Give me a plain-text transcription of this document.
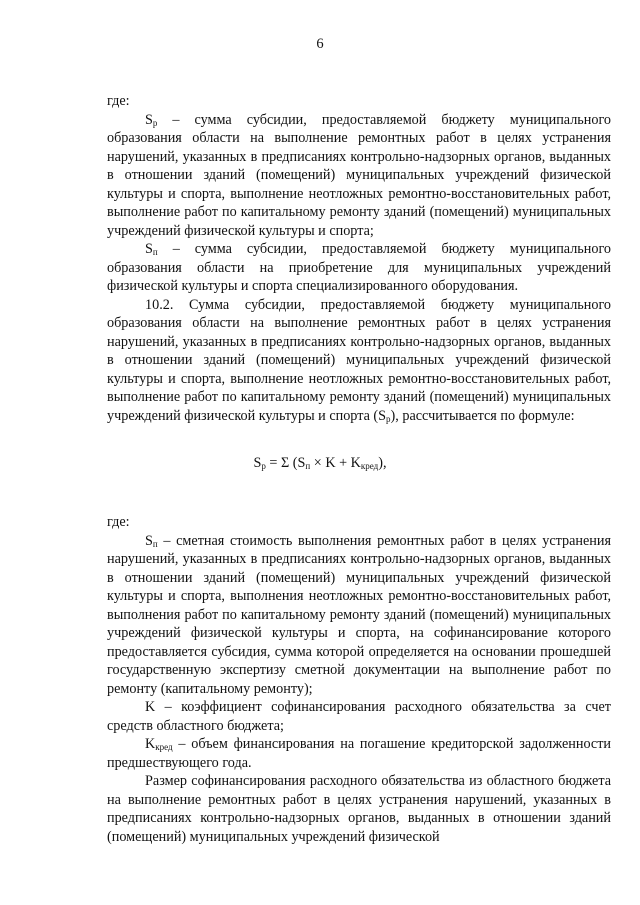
6

где:

$S_р$ – сумма субсидии, предоставляемой бюджету муниципального образования области на выполнение ремонтных работ в целях устранения нарушений, указанных в предписаниях контрольно-надзорных органов, выданных в отношении зданий (помещений) муниципальных учреждений физической культуры и спорта, выполнение неотложных ремонтно-восстановительных работ, выполнение работ по капитальному ремонту зданий (помещений) муниципальных учреждений физической культуры и спорта;

$S_п$ – сумма субсидии, предоставляемой бюджету муниципального образования области на приобретение для муниципальных учреждений физической культуры и спорта специализированного оборудования.

10.2. Сумма субсидии, предоставляемой бюджету муниципального образования области на выполнение ремонтных работ в целях устранения нарушений, указанных в предписаниях контрольно-надзорных органов, выданных в отношении зданий (помещений) муниципальных учреждений физической культуры и спорта, выполнение неотложных ремонтно-восстановительных работ, выполнение работ по капитальному ремонту зданий (помещений) муниципальных учреждений физической культуры и спорта $(S_р)$, рассчитывается по формуле:

$S_р = \Sigma$ $(S_п \times K + K_{кред})$,

где:

$S_п$ – сметная стоимость выполнения ремонтных работ в целях устранения нарушений, указанных в предписаниях контрольно-надзорных органов, выданных в отношении зданий (помещений) муниципальных учреждений физической культуры и спорта, выполнения неотложных ремонтно-восстановительных работ, выполнения работ по капитальному ремонту зданий (помещений) муниципальных учреждений физической культуры и спорта, на софинансирование которого предоставляется субсидия, сумма которой определяется на основании прошедшей государственную экспертизу сметной документации на выполнение работ по ремонту (капитальному ремонту);

K – коэффициент софинансирования расходного обязательства за счет средств областного бюджета;

$K_{кред}$ – объем финансирования на погашение кредиторской задолженности предшествующего года.

Размер софинансирования расходного обязательства из областного бюджета на выполнение ремонтных работ в целях устранения нарушений, указанных в предписаниях контрольно-надзорных органов, выданных в отношении зданий (помещений) муниципальных учреждений физической
